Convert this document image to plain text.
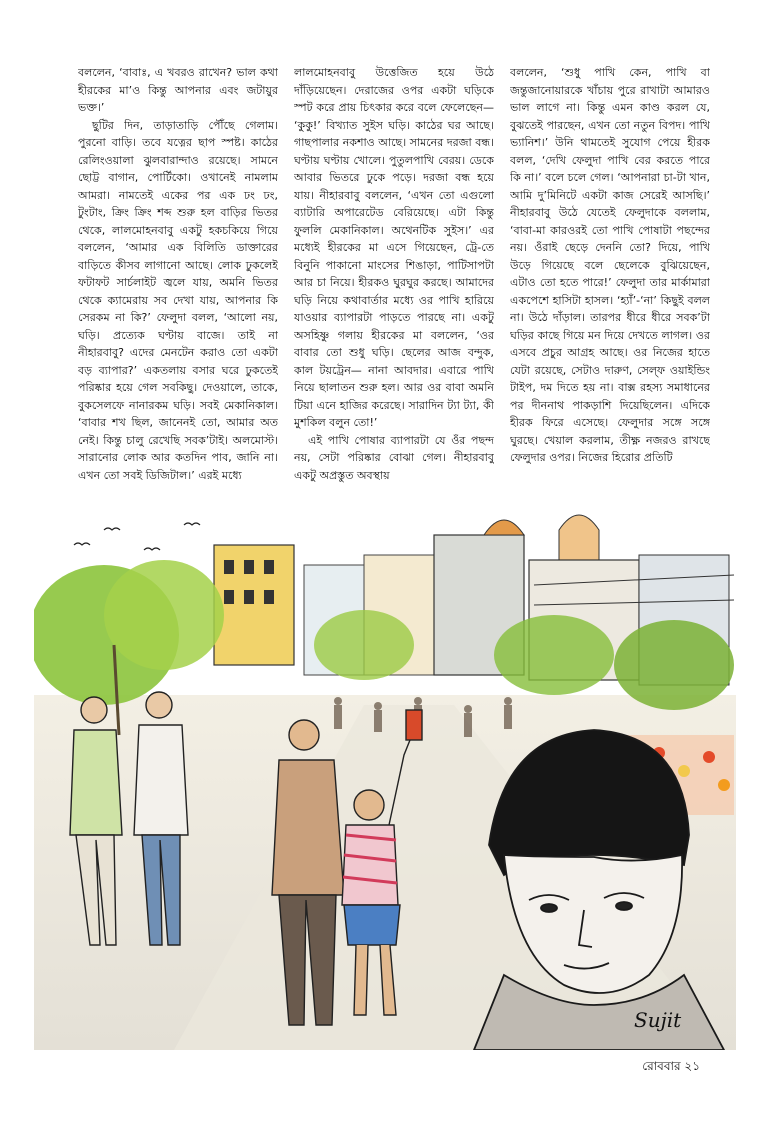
বললেন, ‘বাবাঃ, এ খবরও রাখেন? ভাল কথা হীরকের মা’ও কিন্তু আপনার এবং জটায়ুর ভক্ত।’

ছুটির দিন, তাড়াতাড়ি পৌঁছে গেলাম। পুরনো বাড়ি। তবে যত্নের ছাপ স্পষ্ট। কাঠের রেলিংওয়ালা ঝুলবারান্দাও রয়েছে। সামনে ছোট্ট বাগান, পোর্টিকো। ওখানেই নামলাম আমরা। নামতেই একের পর এক ঢং ঢং, টুংটাং, ক্রিং ক্রিং শব্দ শুরু হল বাড়ির ভিতর থেকে, লালমোহনবাবু একটু হকচকিয়ে গিয়ে বললেন, ‘আমার এক বিলিতি ডাক্তারের বাড়িতে কীসব লাগানো আছে। লোক ঢুকলেই ফটাফট সার্চলাইট জ্বলে যায়, অমনি ভিতর থেকে ক্যামেরায় সব দেখা যায়, আপনার কি সেরকম না কি?’ ফেলুদা বলল, ‘আলো নয়, ঘড়ি। প্রত্যেক ঘণ্টায় বাজে। তাই না নীহারবাবু? এদের মেনটেন করাও তো একটা বড় ব্যাপার?’ একতলায় বসার ঘরে ঢুকতেই পরিষ্কার হয়ে গেল সবকিছু। দেওয়ালে, তাকে, বুকসেলফে নানারকম ঘড়ি। সবই মেকানিকাল। ‘বাবার শখ ছিল, জানেনই তো, আমার অত নেই। কিন্তু চালু রেখেছি সবক’টাই। অলমোস্ট। সারানোর লোক আর কতদিন পাব, জানি না। এখন তো সবই ডিজিটাল।’ এরই মধ্যে

লালমোহনবাবু উত্তেজিত হয়ে উঠে দাঁড়িয়েছেন। দেরাজের ওপর একটা ঘড়িকে স্পট করে প্রায় চিৎকার করে বলে ফেলেছেন— ‘কুকু!’ বিখ্যাত সুইস ঘড়ি। কাঠের ঘর আছে। গাছপালার নকশাও আছে। সামনের দরজা বন্ধ। ঘণ্টায় ঘণ্টায় খোলে। পুতুলপাখি বেরয়। ডেকে আবার ভিতরে ঢুকে পড়ে। দরজা বন্ধ হয়ে যায়। নীহারবাবু বললেন, ‘এখন তো এগুলো ব্যাটারি অপারেটেড বেরিয়েছে। এটা কিন্তু ফুললি মেকানিকাল। অথেনটিক সুইস।’ এর মধ্যেই হীরকের মা এসে গিয়েছেন, ট্রে-তে বিনুনি পাকানো মাংসের শিঙাড়া, পাটিসাপটা আর চা নিয়ে। হীরকও ঘুরঘুর করছে। আমাদের ঘড়ি নিয়ে কথাবার্তার মধ্যে ওর পাখি হারিয়ে যাওয়ার ব্যাপারটা পাড়তে পারছে না। একটু অসহিষ্ণু গলায় হীরকের মা বললেন, ‘ওর বাবার তো শুধু ঘড়ি। ছেলের আজ বন্দুক, কাল টয়ট্রেন— নানা আবদার। এবারে পাখি নিয়ে ছালাতন শুরু হল। আর ওর বাবা অমনি টিয়া এনে হাজির করেছে। সারাদিন ট্যা ট্যা, কী মুশকিল বলুন তো!’

এই পাখি পোষার ব্যাপারটা যে ওঁর পছন্দ নয়, সেটা পরিষ্কার বোঝা গেল। নীহারবাবু একটু অপ্রস্তুত অবস্থায়

বললেন, ‘শুধু পাখি কেন, পাখি বা জন্তুজানোয়ারকে খাঁচায় পুরে রাখাটা আমারও ভাল লাগে না। কিন্তু এমন কাণ্ড করল যে, বুঝতেই পারছেন, এখন তো নতুন বিপদ। পাখি ভ্যানিশ।’ উনি থামতেই সুযোগ পেয়ে হীরক বলল, ‘দেখি ফেলুদা পাখি বের করতে পারে কি না।’ বলে চলে গেল। ‘আপনারা চা-টা খান, আমি দু’মিনিটে একটা কাজ সেরেই আসছি।’ নীহারবাবু উঠে যেতেই ফেলুদাকে বললাম, ‘বাবা-মা কারওরই তো পাখি পোষাটা পছন্দের নয়। ওঁরাই ছেড়ে দেননি তো? দিয়ে, পাখি উড়ে গিয়েছে বলে ছেলেকে বুঝিয়েছেন, এটাও তো হতে পারে!’ ফেলুদা তার মার্কামারা একপেশে হাসিটা হাসল। ‘হ্যাঁ’-‘না’ কিছুই বলল না। উঠে দাঁড়াল। তারপর ধীরে ধীরে সবক’টা ঘড়ির কাছে গিয়ে মন দিয়ে দেখতে লাগল। ওর এসবে প্রচুর আগ্রহ আছে। ওর নিজের হাতে যেটা রয়েছে, সেটাও দারুণ, সেল্‌ফ ওয়াইন্ডিং টাইপ, দম দিতে হয় না। বাক্স রহস্য সমাধানের পর দীননাথ পাকড়াশি দিয়েছিলেন। এদিকে হীরক ফিরে এসেছে। ফেলুদার সঙ্গে সঙ্গে ঘুরছে। খেয়াল করলাম, তীক্ষ্ণ নজরও রাখছে ফেলুদার ওপর। নিজের হিরোর প্রতিটি

Sujit
রোববার ২১
